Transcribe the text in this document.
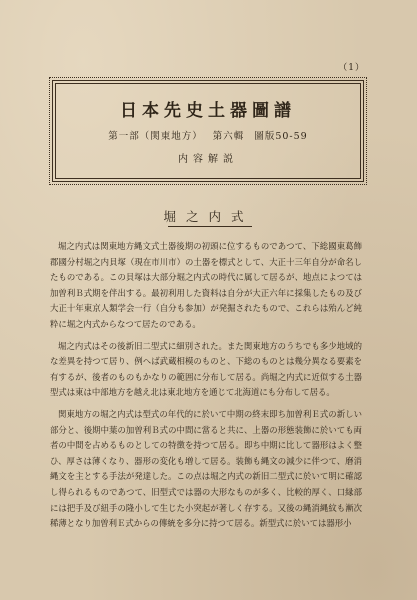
（1）
日本先史土器圖譜
第一部（関東地方） 第六輯 圖版50-59
内容解説
堀之内式

堀之内式は関東地方縄文式土器後期の初頭に位するものであつて、下総國東葛飾郡國分村堀之内貝塚（現在市川市）の土器を標式として、大正十三年自分が命名したものである。この貝塚は大部分堀之内式の時代に属して居るが、地点によつては加曽利Ｂ式期を伴出する。最初利用した資料は自分が大正六年に採集したもの及び大正十年東京人類学会一行（自分も参加）が発掘されたもので、これらは殆んど純粋に堀之内式からなつて居たのである。

堀之内式はその後新旧二型式に細別された。また関東地方のうちでも多少地域的な差異を持つて居り、例へば武蔵相模のものと、下総のものとは幾分異なる要素を有するが、後者のものもかなりの範囲に分布して居る。尚堀之内式に近似する土器型式は東は中部地方を越え北は東北地方を通じて北海道にも分布して居る。

関東地方の堀之内式は型式の年代的に於いて中期の終末即ち加曽利Ｅ式の新しい部分と、後期中葉の加曽利Ｂ式の中間に當ると共に、上器の形態装飾に於いても両者の中間を占めるものとしての特徴を持つて居る。即ち中期に比して器形はよく整ひ、厚さは薄くなり、器形の変化も増して居る。装飾も縄文の減少に伴つて、磨消縄文を主とする手法が発達した。この点は堀之内式の新旧二型式に於いて明に確認し得られるものであつて、旧型式では器の大形なものが多く、比較的厚く、口縁部には把手及び紐手の隆小して生じた小突起が著しく存する。又後の縄消縄紋も漸次稀薄となり加曽利Ｅ式からの傳統を多分に持つて居る。新型式に於いては器形小
